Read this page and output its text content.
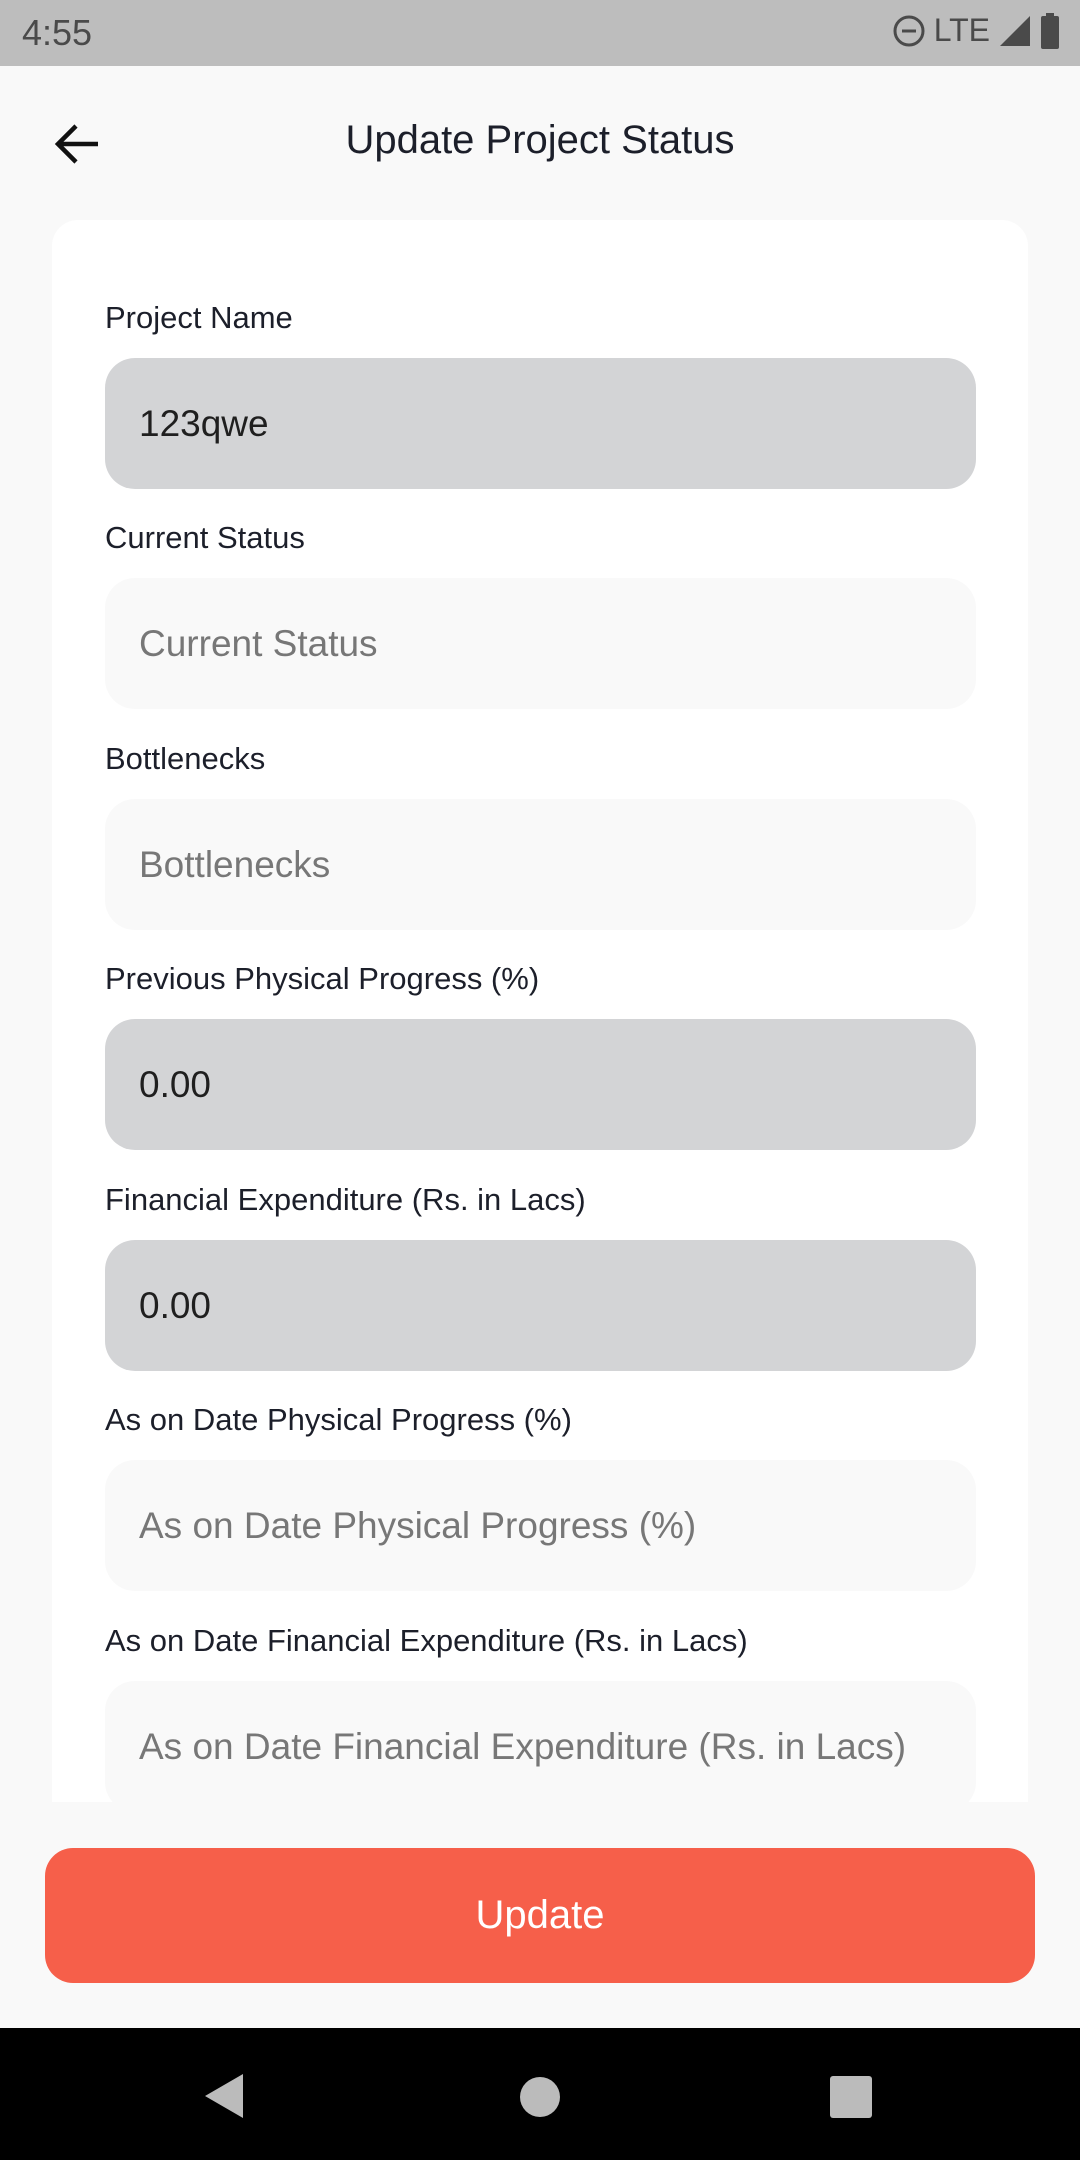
4:55	LTE
Update Project Status
Project Name
123qwe
Current Status
Current Status
Bottlenecks
Bottlenecks
Previous Physical Progress (%)
0.00
Financial Expenditure (Rs. in Lacs)
0.00
As on Date Physical Progress (%)
As on Date Physical Progress (%)
As on Date Financial Expenditure (Rs. in Lacs)
As on Date Financial Expenditure (Rs. in Lacs)
Update
